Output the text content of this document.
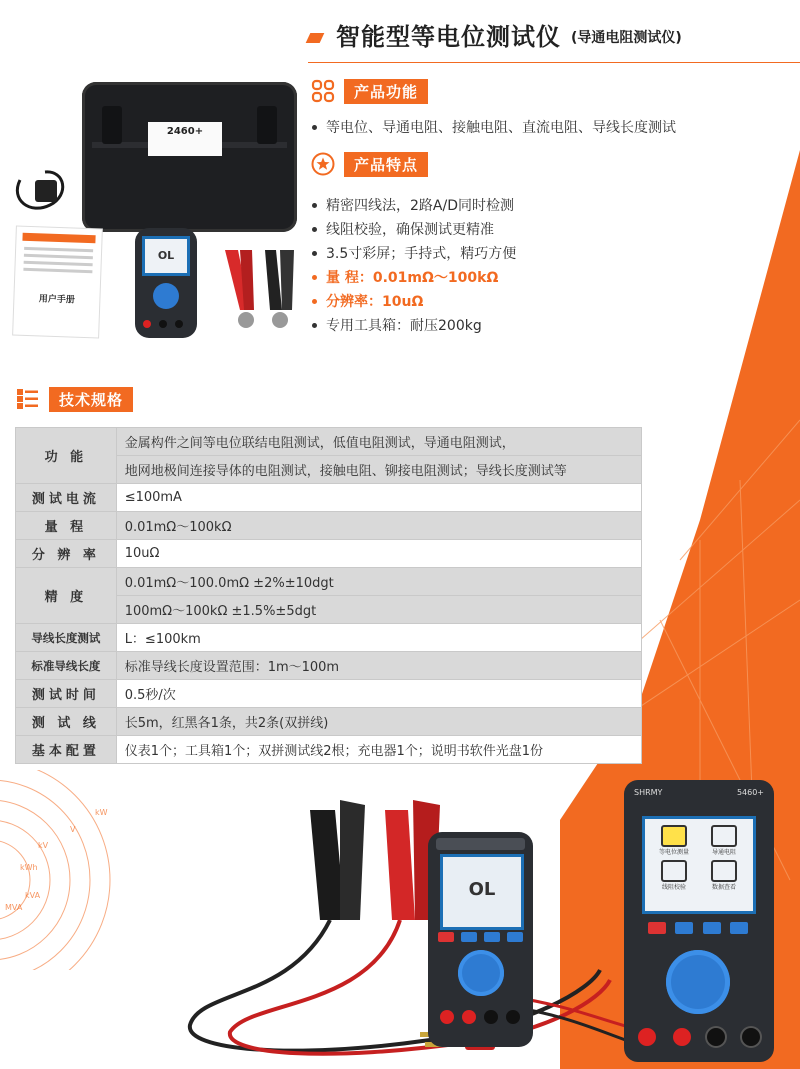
kW
V
kV
kWh
kVA
MVA
智能型等电位测试仪 (导通电阻测试仪)
产品功能
等电位、导通电阻、接触电阻、直流电阻、导线长度测试
产品特点
精密四线法，2路A/D同时检测
线阻校验，确保测试更精准
3.5寸彩屏；手持式，精巧方便
量 程：0.01mΩ～100kΩ
分辨率：10uΩ
专用工具箱：耐压200kg
2460+
用户手册
OL
技术规格
功 能	金属构件之间等电位联结电阻测试，低值电阻测试，导通电阻测试，
	地网地极间连接导体的电阻测试，接触电阻、铆接电阻测试；导线长度测试等
测试电流	≤100mA
量 程	0.01mΩ～100kΩ
分 辨 率	10uΩ
精 度	0.01mΩ～100.0mΩ ±2%±10dgt
	100mΩ～100kΩ ±1.5%±5dgt
导线长度测试	L：≤100km
标准导线长度	标准导线长度设置范围：1m～100m
测试时间	0.5秒/次
测 试 线	长5m，红黑各1条，共2条(双拼线)
基本配置	仪表1个；工具箱1个；双拼测试线2根；充电器1个；说明书软件光盘1份
OL
SHRMY	5460+
等电位测量	导通电阻
线阻校验	数据查看
